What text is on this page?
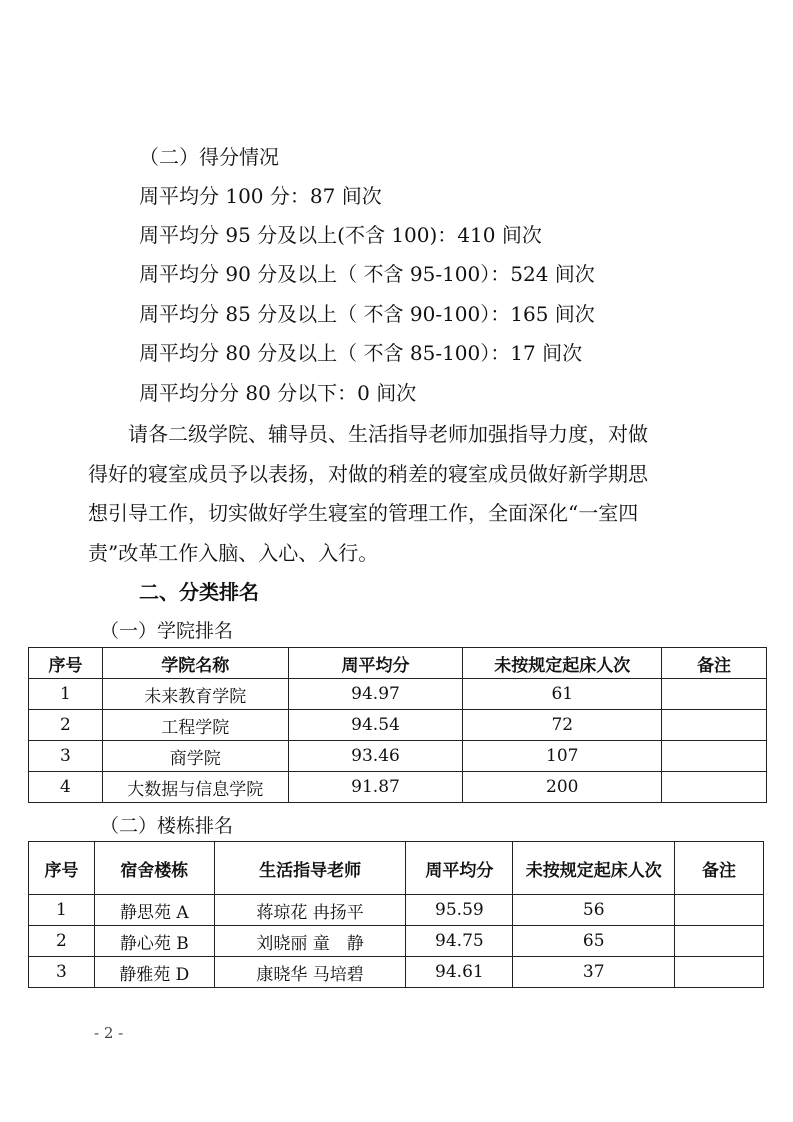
（二）得分情况
周平均分 100 分：87 间次
周平均分 95 分及以上(不含 100)：410 间次
周平均分 90 分及以上（ 不含 95-100）：524 间次
周平均分 85 分及以上（ 不含 90-100）：165 间次
周平均分 80 分及以上（ 不含 85-100）：17 间次
周平均分分 80 分以下：0 间次
　　请各二级学院、辅导员、生活指导老师加强指导力度，对做
得好的寝室成员予以表扬，对做的稍差的寝室成员做好新学期思
想引导工作，切实做好学生寝室的管理工作，全面深化“一室四
责”改革工作入脑、入心、入行。
二、分类排名
（一）学院排名
序号	学院名称	周平均分	未按规定起床人次	备注
1	未来教育学院	94.97	61	
2	工程学院	94.54	72	
3	商学院	93.46	107	
4	大数据与信息学院	91.87	200	
（二）楼栋排名
序号	宿舍楼栋	生活指导老师	周平均分	未按规定起床人次	备注
1	静思苑 A	蒋琼花 冉扬平	95.59	56	
2	静心苑 B	刘晓丽 童　静	94.75	65	
3	静雅苑 D	康晓华 马培碧	94.61	37	
- 2 -
